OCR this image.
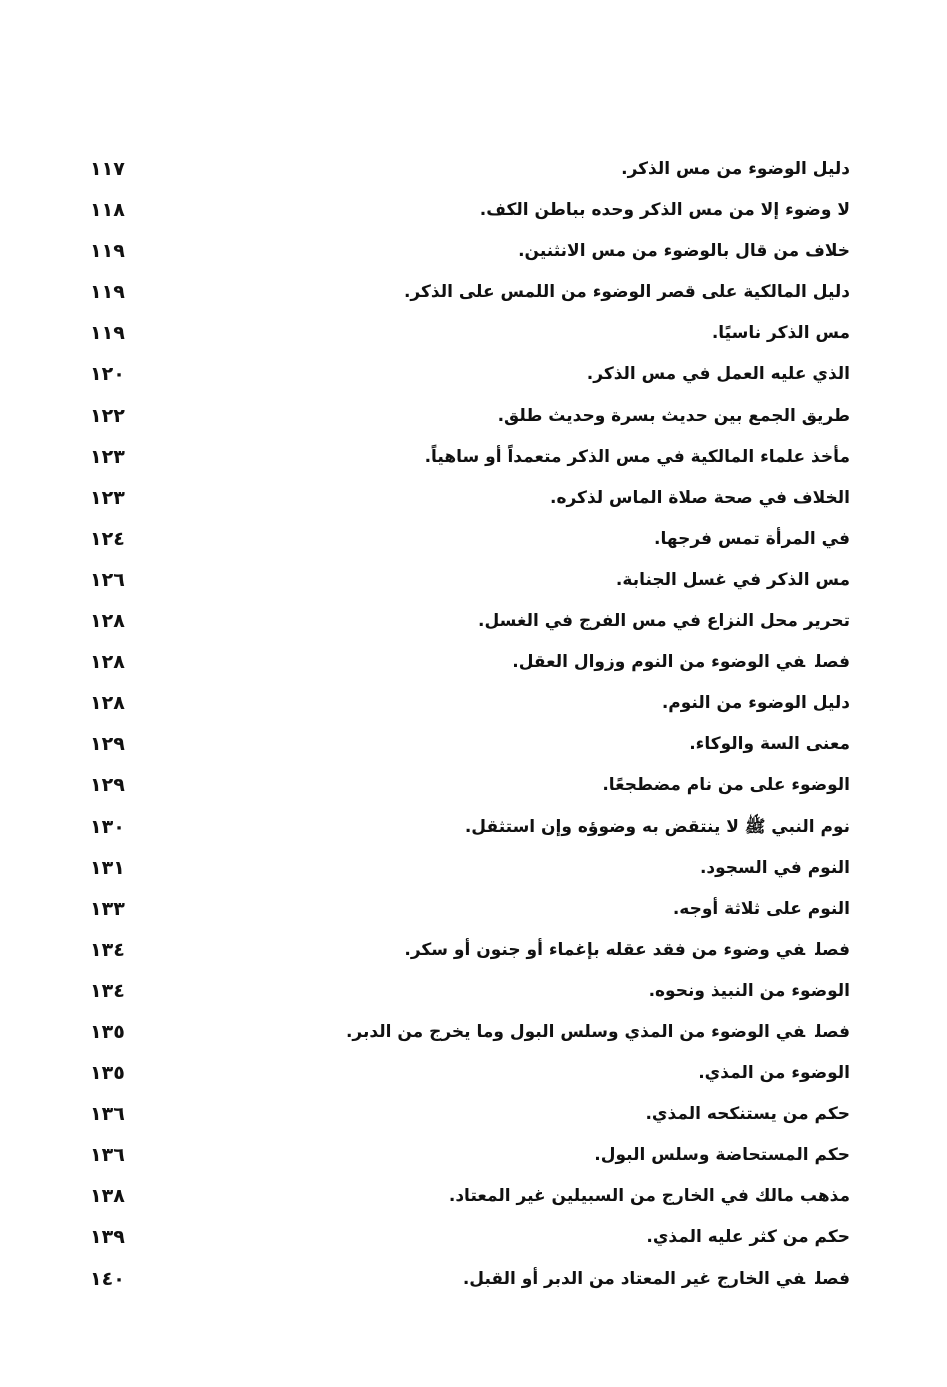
دليل الوضوء من مس الذكر.
١١٧
لا وضوء إلا من مس الذكر وحده بباطن الكف.
١١٨
خلاف من قال بالوضوء من مس الانثنين.
١١٩
دليل المالكية على قصر الوضوء من اللمس على الذكر.
١١٩
مس الذكر ناسيًا.
١١٩
الذي عليه العمل في مس الذكر.
١٢٠
طريق الجمع بين حديث بسرة وحديث طلق.
١٢٢
مأخذ علماء المالكية في مس الذكر متعمداً أو ساهياً.
١٢٣
الخلاف في صحة صلاة الماس لذكره.
١٢٣
في المرأة تمس فرجها.
١٢٤
مس الذكر في غسل الجنابة.
١٢٦
تحرير محل النزاع في مس الفرج في الغسل.
١٢٨
فصلفي الوضوء من النوم وزوال العقل.
١٢٨
دليل الوضوء من النوم.
١٢٨
معنى السة والوكاء.
١٢٩
الوضوء على من نام مضطجعًا.
١٢٩
نوم النبي ﷺ لا ينتقض به وضوؤه وإن استثقل.
١٣٠
النوم في السجود.
١٣١
النوم على ثلاثة أوجه.
١٣٣
فصلفي وضوء من فقد عقله بإغماء أو جنون أو سكر.
١٣٤
الوضوء من النبيذ ونحوه.
١٣٤
فصلفي الوضوء من المذي وسلس البول وما يخرج من الدبر.
١٣٥
الوضوء من المذي.
١٣٥
حكم من يستنكحه المذي.
١٣٦
حكم المستحاضة وسلس البول.
١٣٦
مذهب مالك في الخارج من السبيلين غير المعتاد.
١٣٨
حكم من كثر عليه المذي.
١٣٩
فصلفي الخارج غير المعتاد من الدبر أو القبل.
١٤٠
